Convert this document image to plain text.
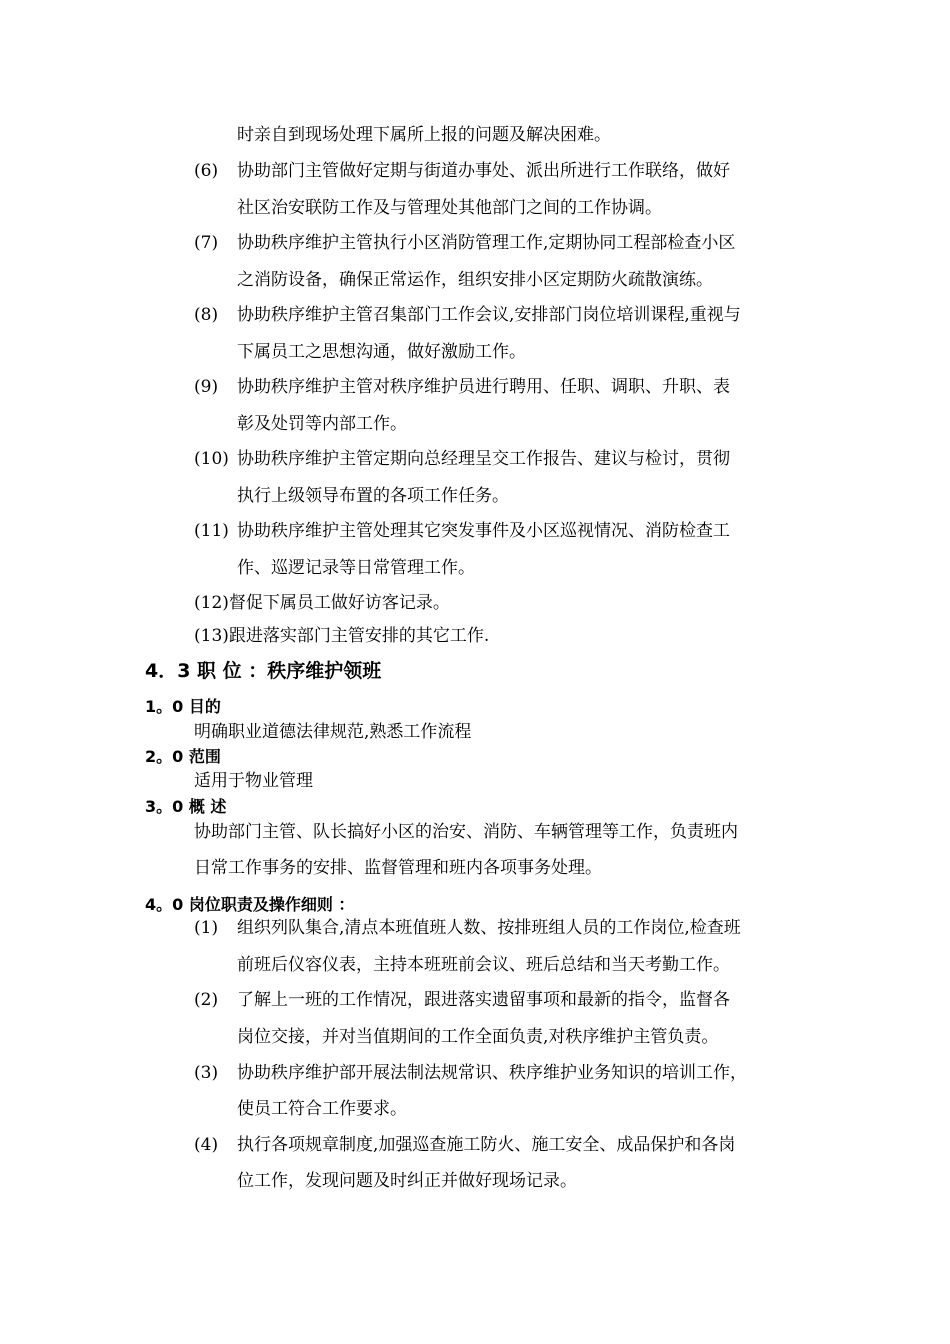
时亲自到现场处理下属所上报的问题及解决困难。
(6) 协助部门主管做好定期与街道办事处、派出所进行工作联络，做好
社区治安联防工作及与管理处其他部门之间的工作协调。
(7) 协助秩序维护主管执行小区消防管理工作,定期协同工程部检查小区
之消防设备，确保正常运作，组织安排小区定期防火疏散演练。
(8) 协助秩序维护主管召集部门工作会议,安排部门岗位培训课程,重视与
下属员工之思想沟通，做好激励工作。
(9) 协助秩序维护主管对秩序维护员进行聘用、任职、调职、升职、表
彰及处罚等内部工作。
(10) 协助秩序维护主管定期向总经理呈交工作报告、建议与检讨，贯彻
执行上级领导布置的各项工作任务。
(11) 协助秩序维护主管处理其它突发事件及小区巡视情况、消防检查工
作、巡逻记录等日常管理工作。
(12)督促下属员工做好访客记录。
(13)跟进落实部门主管安排的其它工作.
4．3 职 位 ：秩序维护领班
1。0 目的
明确职业道德法律规范,熟悉工作流程
2。0 范围
适用于物业管理
3。0 概 述
协助部门主管、队长搞好小区的治安、消防、车辆管理等工作，负责班内
日常工作事务的安排、监督管理和班内各项事务处理。
4。0 岗位职责及操作细则 ：
(1) 组织列队集合,清点本班值班人数、按排班组人员的工作岗位,检查班
前班后仪容仪表，主持本班班前会议、班后总结和当天考勤工作。
(2) 了解上一班的工作情况，跟进落实遗留事项和最新的指令，监督各
岗位交接，并对当值期间的工作全面负责,对秩序维护主管负责。
(3) 协助秩序维护部开展法制法规常识、秩序维护业务知识的培训工作，
使员工符合工作要求。
(4) 执行各项规章制度,加强巡查施工防火、施工安全、成品保护和各岗
位工作，发现问题及时纠正并做好现场记录。
